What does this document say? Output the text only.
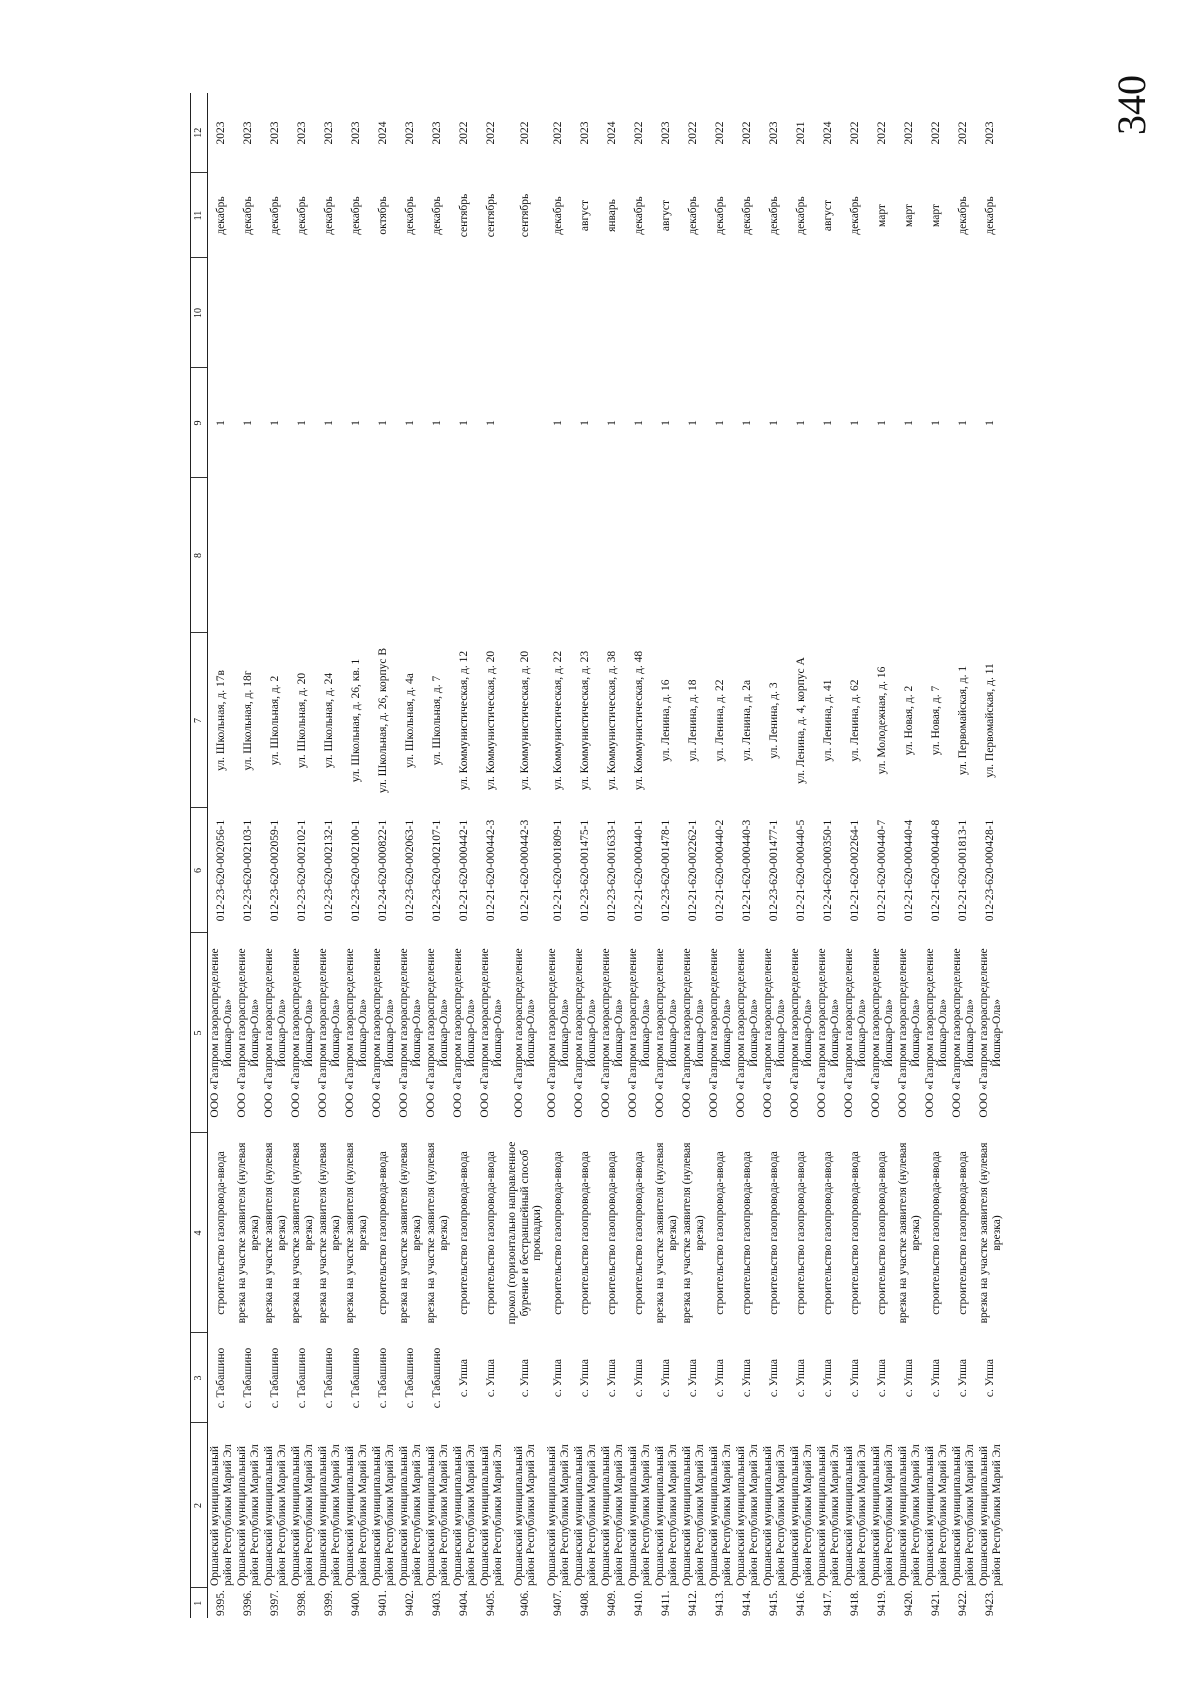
340
1	2	3	4	5	6	7	8	9	10	11	12
9395.	Оршанский муниципальный район Республики Марий Эл	с. Табашино	строительство газопровода-ввода	ООО «Газпром газораспределение Йошкар-Ола»	012-23-620-002056-1	ул. Школьная, д. 17в		1		декабрь	2023
9396.	Оршанский муниципальный район Республики Марий Эл	с. Табашино	врезка на участке заявителя (нулевая врезка)	ООО «Газпром газораспределение Йошкар-Ола»	012-23-620-002103-1	ул. Школьная, д. 18г		1		декабрь	2023
9397.	Оршанский муниципальный район Республики Марий Эл	с. Табашино	врезка на участке заявителя (нулевая врезка)	ООО «Газпром газораспределение Йошкар-Ола»	012-23-620-002059-1	ул. Школьная, д. 2		1		декабрь	2023
9398.	Оршанский муниципальный район Республики Марий Эл	с. Табашино	врезка на участке заявителя (нулевая врезка)	ООО «Газпром газораспределение Йошкар-Ола»	012-23-620-002102-1	ул. Школьная, д. 20		1		декабрь	2023
9399.	Оршанский муниципальный район Республики Марий Эл	с. Табашино	врезка на участке заявителя (нулевая врезка)	ООО «Газпром газораспределение Йошкар-Ола»	012-23-620-002132-1	ул. Школьная, д. 24		1		декабрь	2023
9400.	Оршанский муниципальный район Республики Марий Эл	с. Табашино	врезка на участке заявителя (нулевая врезка)	ООО «Газпром газораспределение Йошкар-Ола»	012-23-620-002100-1	ул. Школьная, д. 26, кв. 1		1		декабрь	2023
9401.	Оршанский муниципальный район Республики Марий Эл	с. Табашино	строительство газопровода-ввода	ООО «Газпром газораспределение Йошкар-Ола»	012-24-620-000822-1	ул. Школьная, д. 26, корпус В		1		октябрь	2024
9402.	Оршанский муниципальный район Республики Марий Эл	с. Табашино	врезка на участке заявителя (нулевая врезка)	ООО «Газпром газораспределение Йошкар-Ола»	012-23-620-002063-1	ул. Школьная, д. 4а		1		декабрь	2023
9403.	Оршанский муниципальный район Республики Марий Эл	с. Табашино	врезка на участке заявителя (нулевая врезка)	ООО «Газпром газораспределение Йошкар-Ола»	012-23-620-002107-1	ул. Школьная, д. 7		1		декабрь	2023
9404.	Оршанский муниципальный район Республики Марий Эл	с. Упша	строительство газопровода-ввода	ООО «Газпром газораспределение Йошкар-Ола»	012-21-620-000442-1	ул. Коммунистическая, д. 12		1		сентябрь	2022
9405.	Оршанский муниципальный район Республики Марий Эл	с. Упша	строительство газопровода-ввода	ООО «Газпром газораспределение Йошкар-Ола»	012-21-620-000442-3	ул. Коммунистическая, д. 20		1		сентябрь	2022
9406.	Оршанский муниципальный район Республики Марий Эл	с. Упша	прокол (горизонтально направленное бурение и бестраншейный способ прокладки)	ООО «Газпром газораспределение Йошкар-Ола»	012-21-620-000442-3	ул. Коммунистическая, д. 20				сентябрь	2022
9407.	Оршанский муниципальный район Республики Марий Эл	с. Упша	строительство газопровода-ввода	ООО «Газпром газораспределение Йошкар-Ола»	012-21-620-001809-1	ул. Коммунистическая, д. 22		1		декабрь	2022
9408.	Оршанский муниципальный район Республики Марий Эл	с. Упша	строительство газопровода-ввода	ООО «Газпром газораспределение Йошкар-Ола»	012-23-620-001475-1	ул. Коммунистическая, д. 23		1		август	2023
9409.	Оршанский муниципальный район Республики Марий Эл	с. Упша	строительство газопровода-ввода	ООО «Газпром газораспределение Йошкар-Ола»	012-23-620-001633-1	ул. Коммунистическая, д. 38		1		январь	2024
9410.	Оршанский муниципальный район Республики Марий Эл	с. Упша	строительство газопровода-ввода	ООО «Газпром газораспределение Йошкар-Ола»	012-21-620-000440-1	ул. Коммунистическая, д. 48		1		декабрь	2022
9411.	Оршанский муниципальный район Республики Марий Эл	с. Упша	врезка на участке заявителя (нулевая врезка)	ООО «Газпром газораспределение Йошкар-Ола»	012-23-620-001478-1	ул. Ленина, д. 16		1		август	2023
9412.	Оршанский муниципальный район Республики Марий Эл	с. Упша	врезка на участке заявителя (нулевая врезка)	ООО «Газпром газораспределение Йошкар-Ола»	012-21-620-002262-1	ул. Ленина, д. 18		1		декабрь	2022
9413.	Оршанский муниципальный район Республики Марий Эл	с. Упша	строительство газопровода-ввода	ООО «Газпром газораспределение Йошкар-Ола»	012-21-620-000440-2	ул. Ленина, д. 22		1		декабрь	2022
9414.	Оршанский муниципальный район Республики Марий Эл	с. Упша	строительство газопровода-ввода	ООО «Газпром газораспределение Йошкар-Ола»	012-21-620-000440-3	ул. Ленина, д. 2а		1		декабрь	2022
9415.	Оршанский муниципальный район Республики Марий Эл	с. Упша	строительство газопровода-ввода	ООО «Газпром газораспределение Йошкар-Ола»	012-23-620-001477-1	ул. Ленина, д. 3		1		декабрь	2023
9416.	Оршанский муниципальный район Республики Марий Эл	с. Упша	строительство газопровода-ввода	ООО «Газпром газораспределение Йошкар-Ола»	012-21-620-000440-5	ул. Ленина, д. 4, корпус А		1		декабрь	2021
9417.	Оршанский муниципальный район Республики Марий Эл	с. Упша	строительство газопровода-ввода	ООО «Газпром газораспределение Йошкар-Ола»	012-24-620-000350-1	ул. Ленина, д. 41		1		август	2024
9418.	Оршанский муниципальный район Республики Марий Эл	с. Упша	строительство газопровода-ввода	ООО «Газпром газораспределение Йошкар-Ола»	012-21-620-002264-1	ул. Ленина, д. 62		1		декабрь	2022
9419.	Оршанский муниципальный район Республики Марий Эл	с. Упша	строительство газопровода-ввода	ООО «Газпром газораспределение Йошкар-Ола»	012-21-620-000440-7	ул. Молодежная, д. 16		1		март	2022
9420.	Оршанский муниципальный район Республики Марий Эл	с. Упша	врезка на участке заявителя (нулевая врезка)	ООО «Газпром газораспределение Йошкар-Ола»	012-21-620-000440-4	ул. Новая, д. 2		1		март	2022
9421.	Оршанский муниципальный район Республики Марий Эл	с. Упша	строительство газопровода-ввода	ООО «Газпром газораспределение Йошкар-Ола»	012-21-620-000440-8	ул. Новая, д. 7		1		март	2022
9422.	Оршанский муниципальный район Республики Марий Эл	с. Упша	строительство газопровода-ввода	ООО «Газпром газораспределение Йошкар-Ола»	012-21-620-001813-1	ул. Первомайская, д. 1		1		декабрь	2022
9423.	Оршанский муниципальный район Республики Марий Эл	с. Упша	врезка на участке заявителя (нулевая врезка)	ООО «Газпром газораспределение Йошкар-Ола»	012-23-620-000428-1	ул. Первомайская, д. 11		1		декабрь	2023
